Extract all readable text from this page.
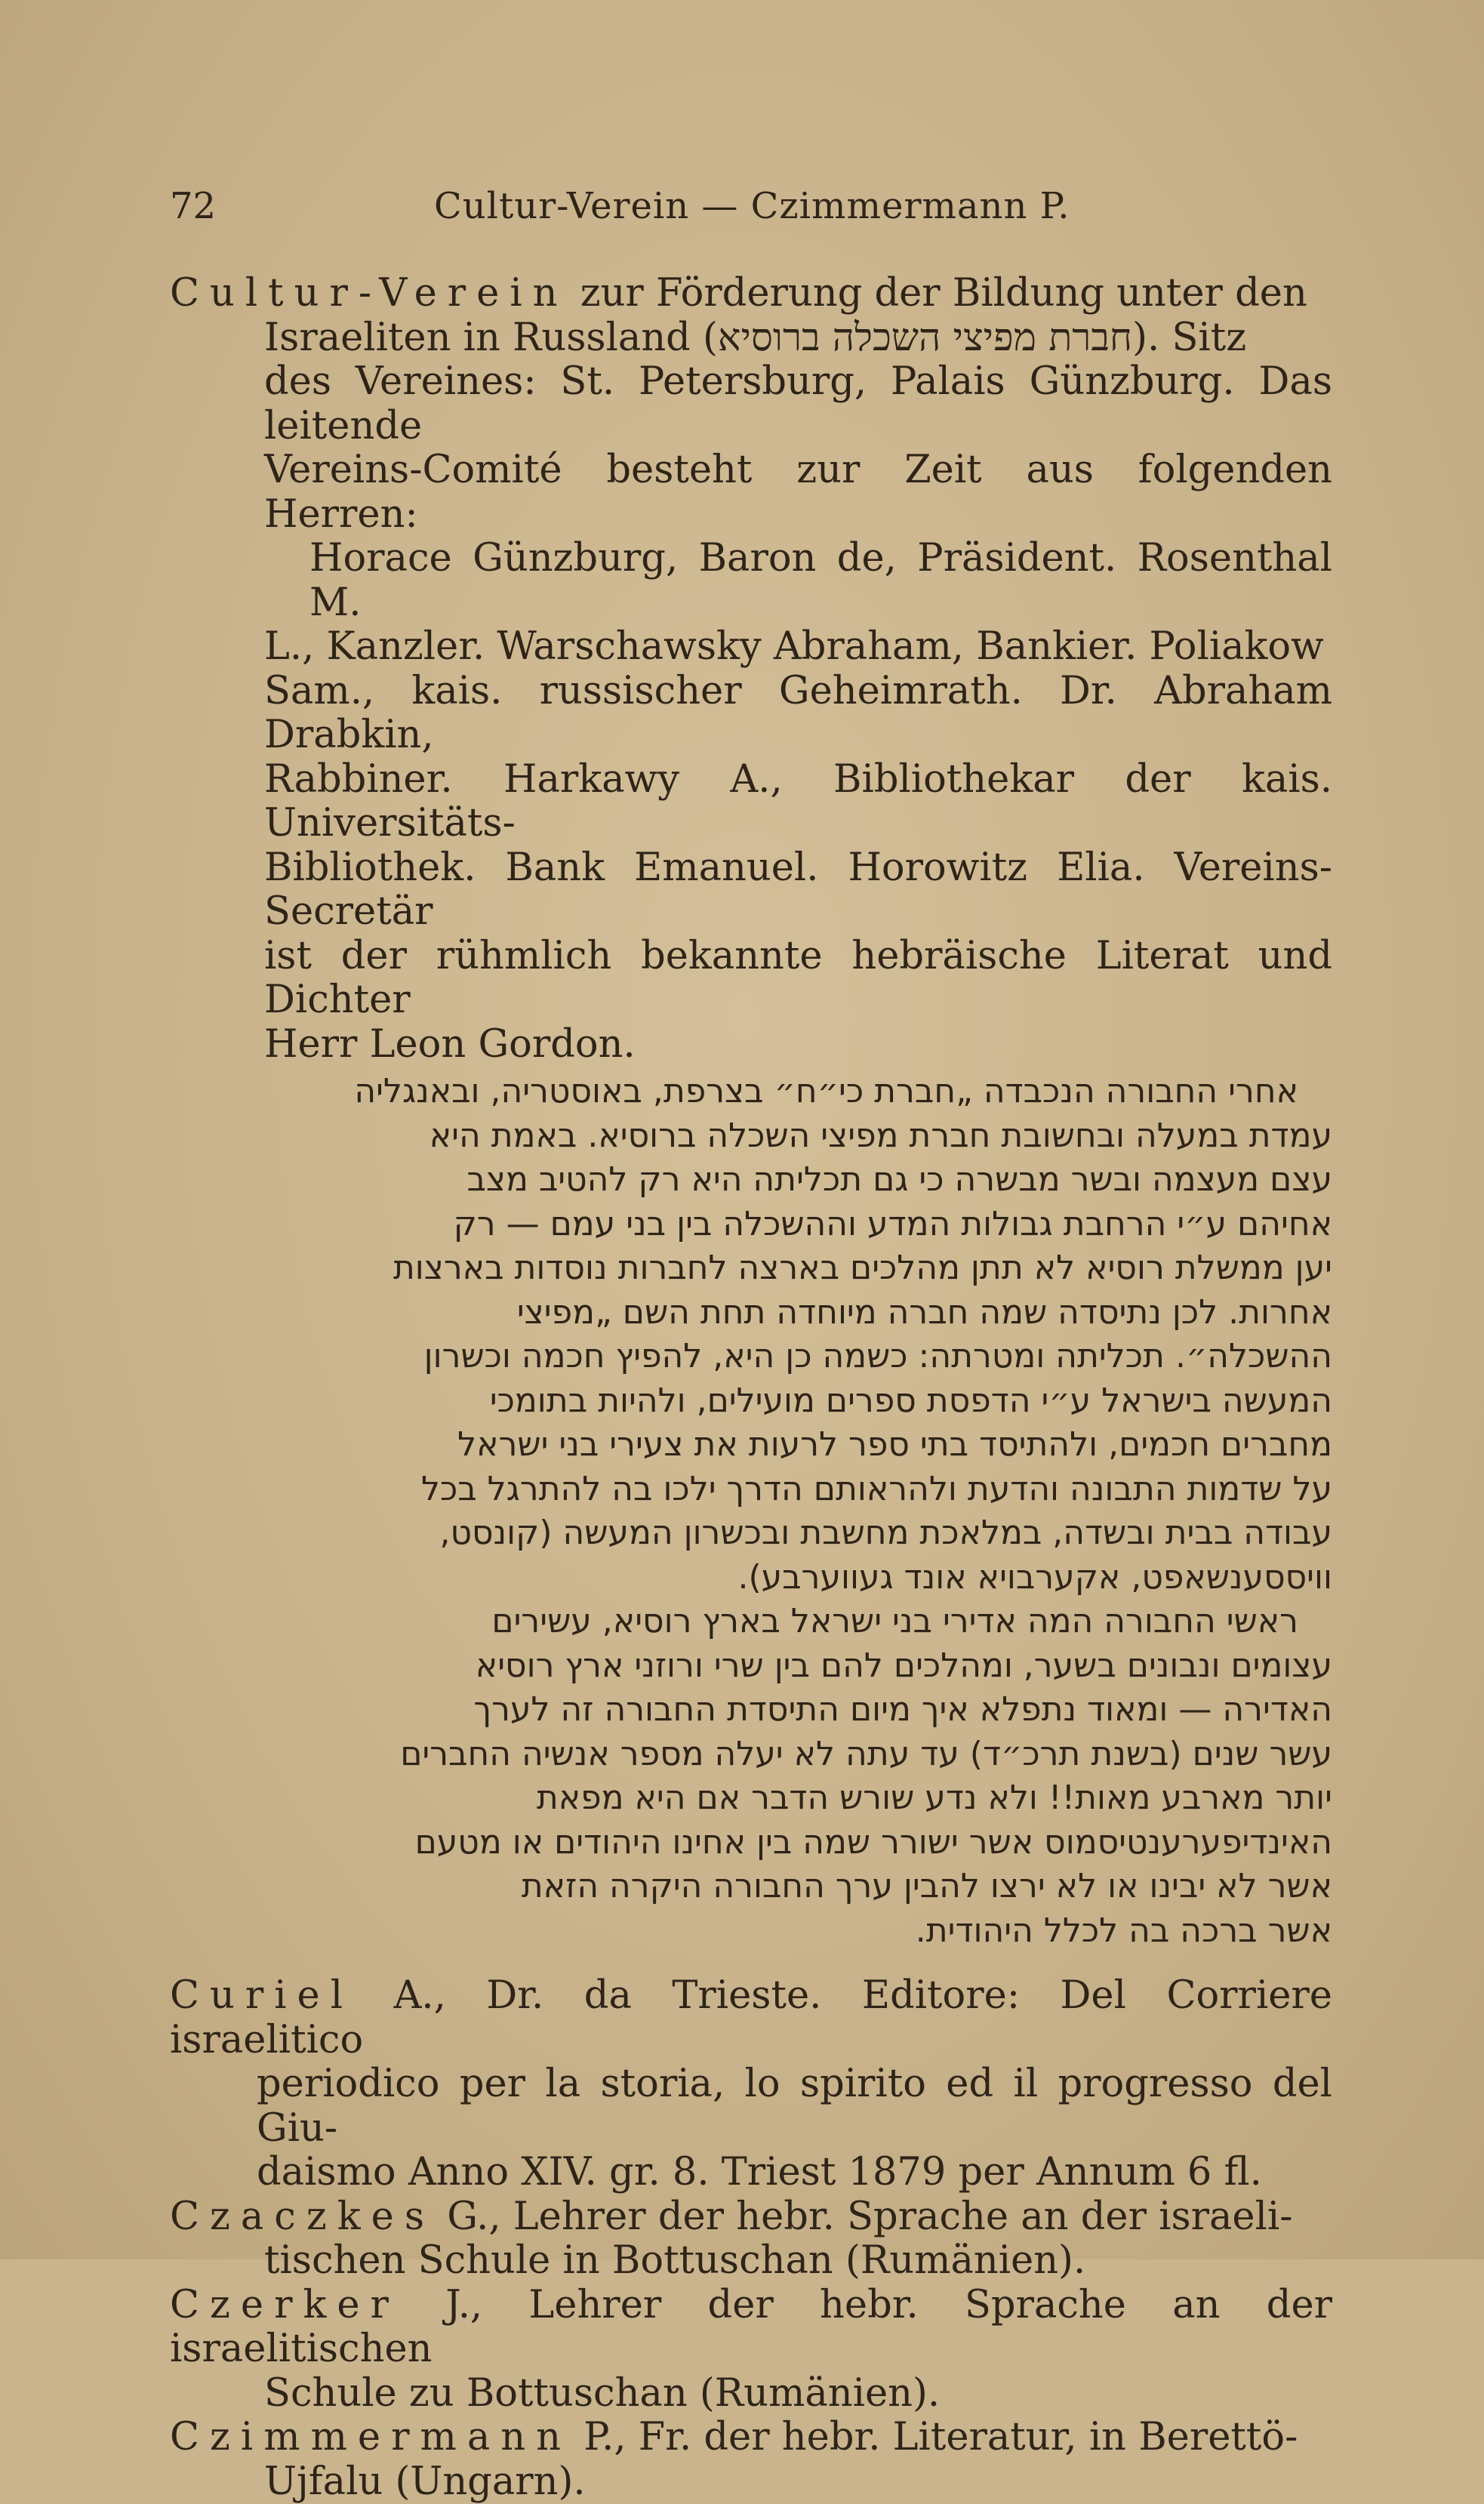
72	Cultur-Verein — Czimmermann P.
Cultur-Verein zur Förderung der Bildung unter den
Israeliten in Russland (חברת מפיצי השכלה ברוסיא). Sitz
des Vereines: St. Petersburg, Palais Günzburg. Das leitende
Vereins-Comité besteht zur Zeit aus folgenden Herren:
Horace Günzburg, Baron de, Präsident. Rosenthal M.
L., Kanzler. Warschawsky Abraham, Bankier. Poliakow
Sam., kais. russischer Geheimrath. Dr. Abraham Drabkin,
Rabbiner. Harkawy A., Bibliothekar der kais. Universitäts-
Bibliothek. Bank Emanuel. Horowitz Elia. Vereins-Secretär
ist der rühmlich bekannte hebräische Literat und Dichter
Herr Leon Gordon.
אחרי החבורה הנכבדה „חברת כי״ח״ בצרפת, באוסטריה, ובאנגליה
עמדת במעלה ובחשובת חברת מפיצי השכלה ברוסיא. באמת היא
עצם מעצמה ובשר מבשרה כי גם תכליתה היא רק להטיב מצב
אחיהם ע״י הרחבת גבולות המדע וההשכלה בין בני עמם — רק
יען ממשלת רוסיא לא תתן מהלכים בארצה לחברות נוסדות בארצות
אחרות. לכן נתיסדה שמה חברה מיוחדה תחת השם „מפיצי
ההשכלה״. תכליתה ומטרתה: כשמה כן היא, להפיץ חכמה וכשרון
המעשה בישראל ע״י הדפסת ספרים מועילים, ולהיות בתומכי
מחברים חכמים, ולהתיסד בתי ספר לרעות את צעירי בני ישראל
על שדמות התבונה והדעת ולהראותם הדרך ילכו בה להתרגל בכל
עבודה בבית ובשדה, במלאכת מחשבת ובכשרון המעשה (קונסט,
וויססענשאפט, אקערבויא אונד געווערבע).
ראשי החבורה המה אדירי בני ישראל בארץ רוסיא, עשירים
עצומים ונבונים בשער, ומהלכים להם בין שרי ורוזני ארץ רוסיא
האדירה — ומאוד נתפלא איך מיום התיסדת החבורה זה לערך
עשר שנים (בשנת תרכ״ד) עד עתה לא יעלה מספר אנשיה החברים
יותר מארבע מאות!! ולא נדע שורש הדבר אם היא מפאת
האינדיפערענטיסמוס אשר ישורר שמה בין אחינו היהודים או מטעם
אשר לא יבינו או לא ירצו להבין ערך החבורה היקרה הזאת
אשר ברכה בה לכלל היהודית.
Curiel A., Dr. da Trieste. Editore: Del Corriere israelitico
periodico per la storia, lo spirito ed il progresso del Giu-
daismo Anno XIV. gr. 8. Triest 1879 per Annum 6 fl.
Czaczkes G., Lehrer der hebr. Sprache an der israeli-
tischen Schule in Bottuschan (Rumänien).
Czerker J., Lehrer der hebr. Sprache an der israelitischen
Schule zu Bottuschan (Rumänien).
Czimmermann P., Fr. der hebr. Literatur, in Berettö-
Ujfalu (Ungarn).
